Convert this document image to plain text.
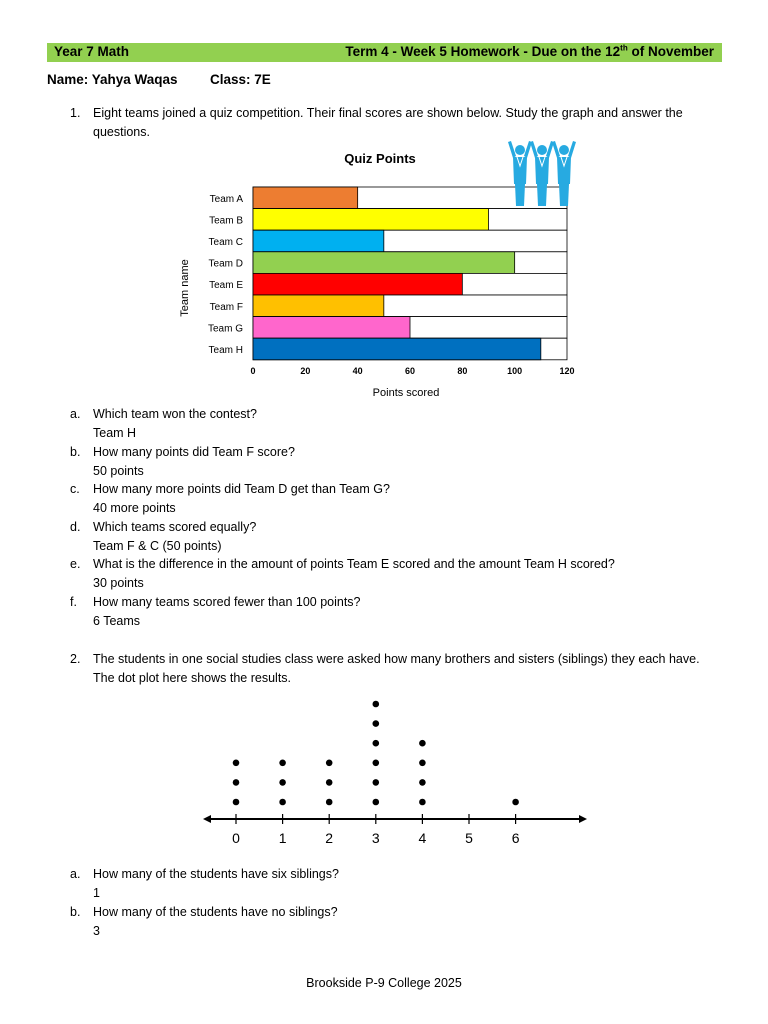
Year 7 Math	Term 4 - Week 5 Homework - Due on the 12th of November
Name: Yahya Waqas Class: 7E
1. Eight teams joined a quiz competition. Their final scores are shown below. Study the graph and answer the
questions.
Quiz Points
Team name
Points scored
Team A
Team B
Team C
Team D
Team E
Team F
Team G
Team H
0	20	40	60	80	100	120
a. Which team won the contest?
Team H
b. How many points did Team F score?
50 points
c. How many more points did Team D get than Team G?
40 more points
d. Which teams scored equally?
Team F & C (50 points)
e. What is the difference in the amount of points Team E scored and the amount Team H scored?
30 points
f. How many teams scored fewer than 100 points?
6 Teams
2. The students in one social studies class were asked how many brothers and sisters (siblings) they each have.
The dot plot here shows the results.
0	1	2	3	4	5	6
a. How many of the students have six siblings?
1
b. How many of the students have no siblings?
3
Brookside P-9 College 2025
